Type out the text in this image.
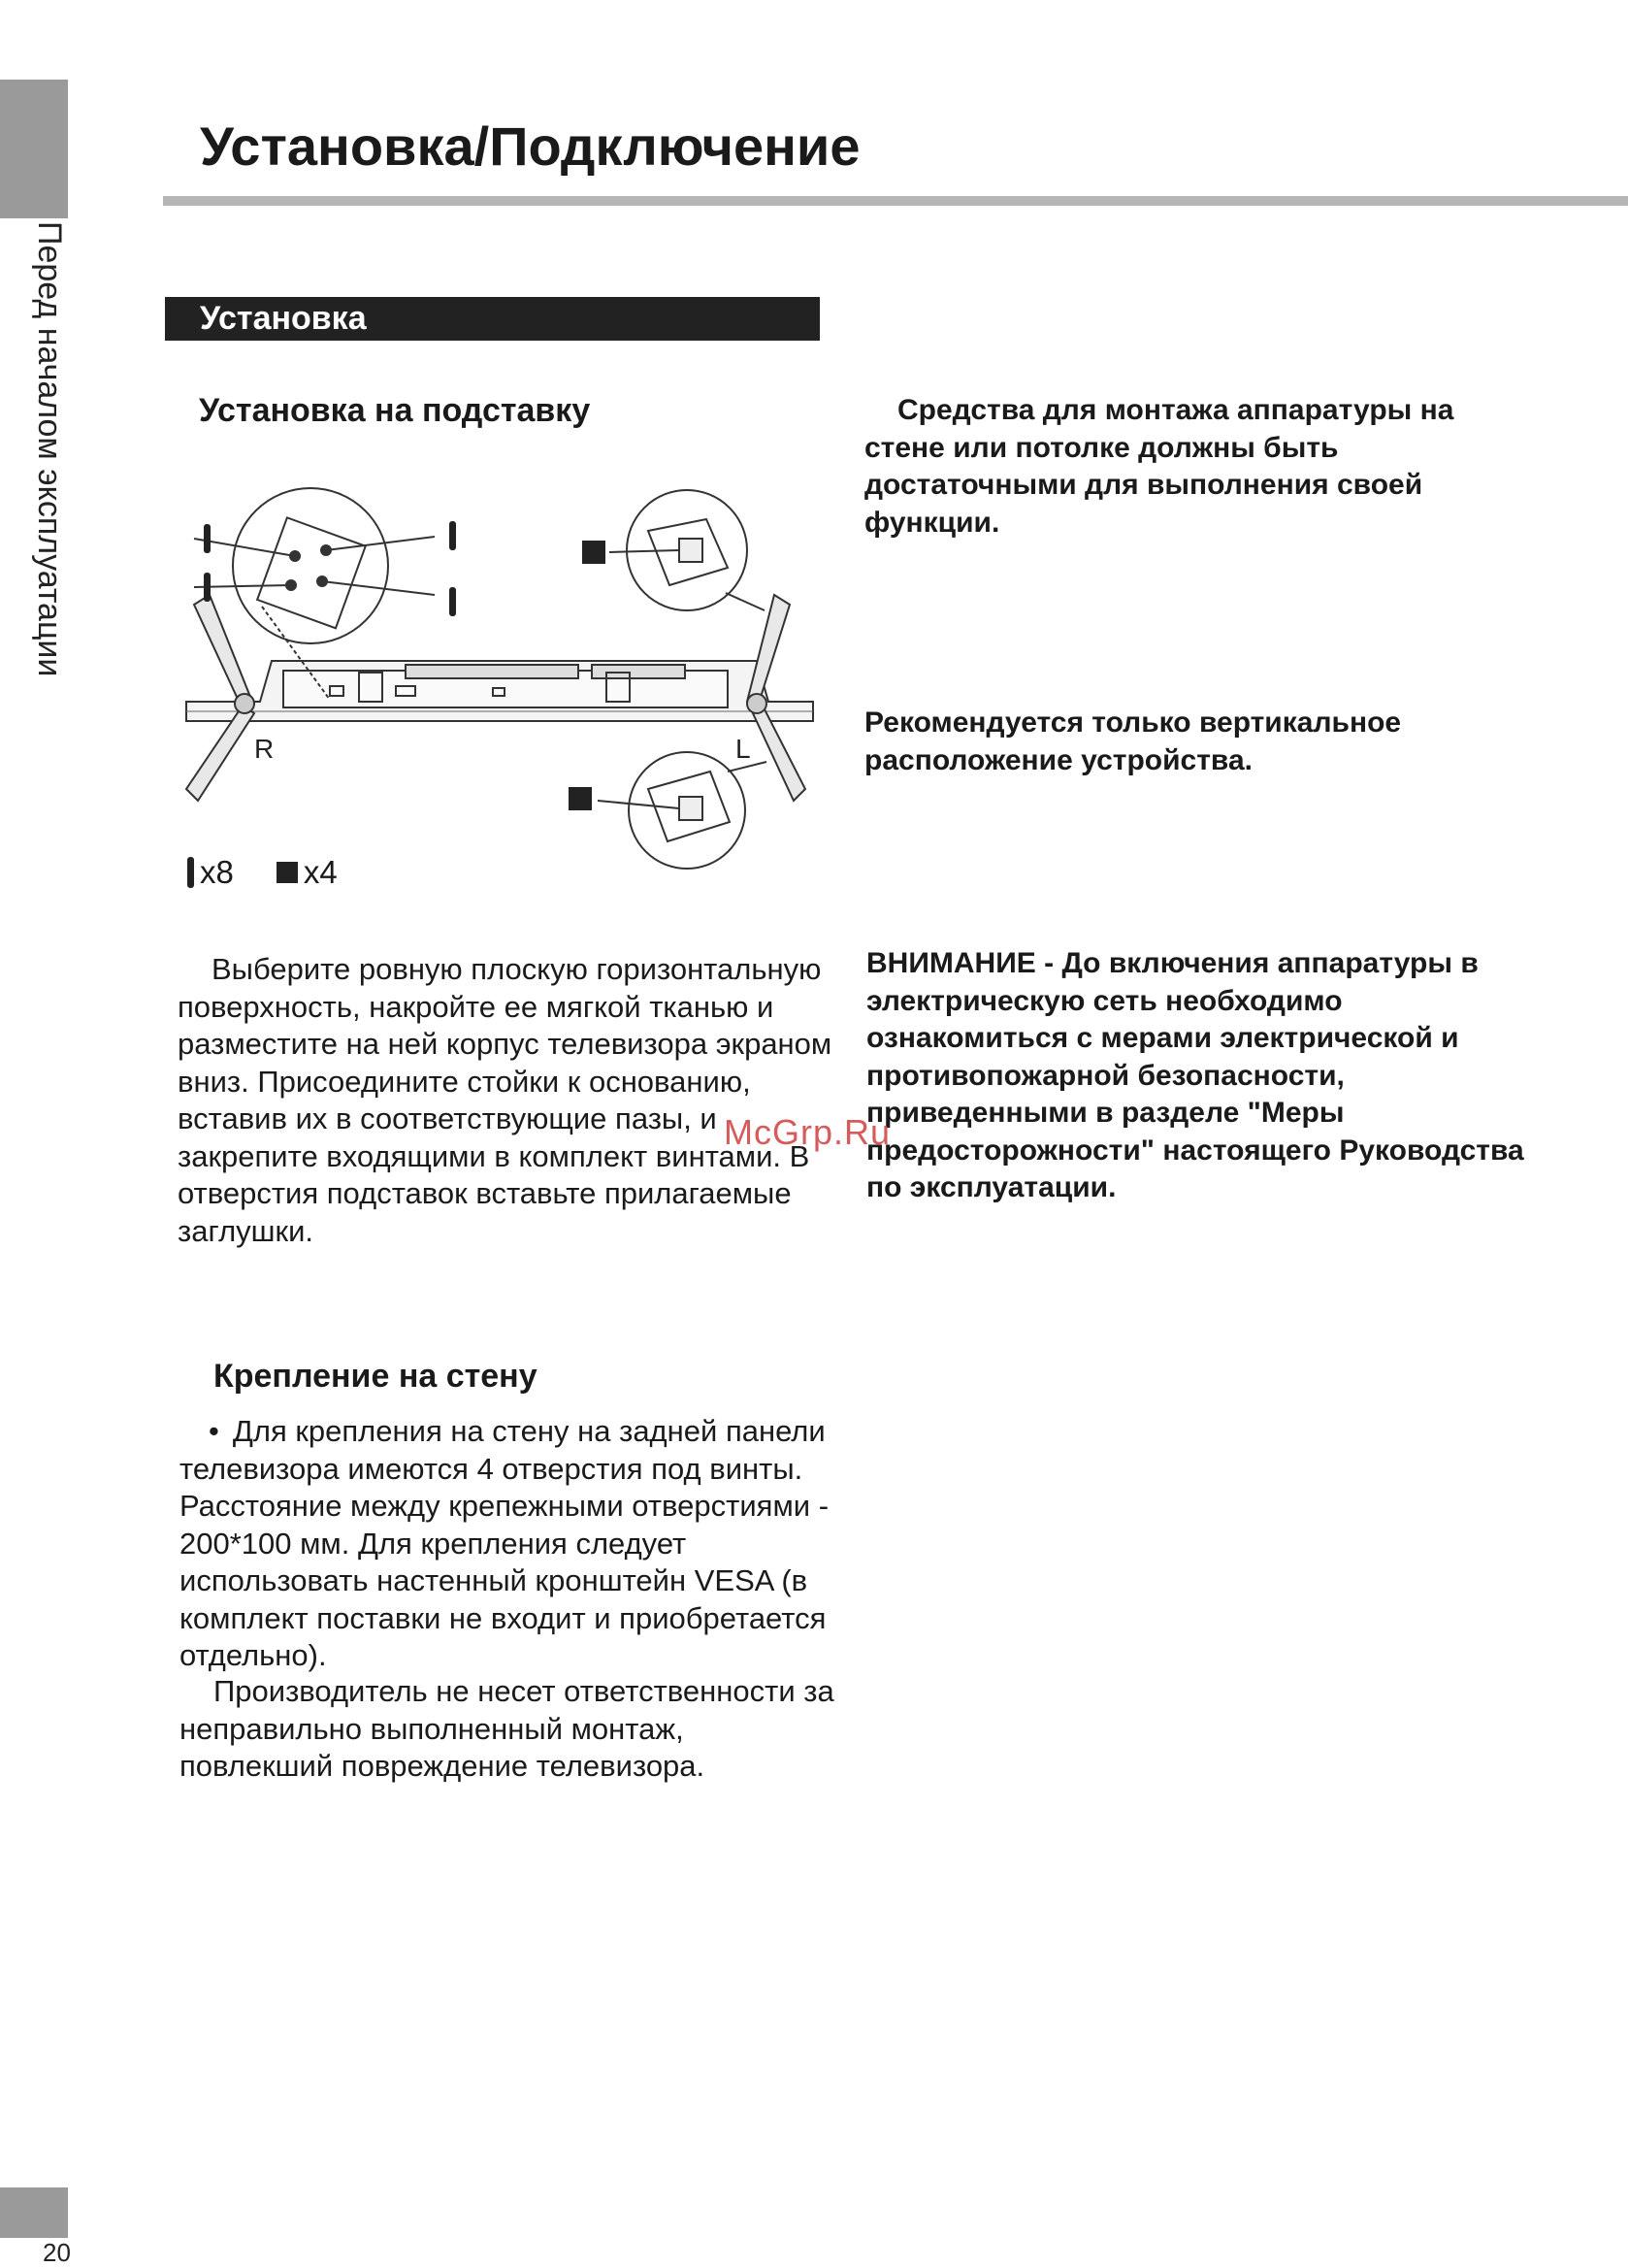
Перед началом эксплуатации
20
Установка/Подключение
Установка
Установка на подставку
R	L
x8 x4

Выберите ровную плоскую горизонтальную поверхность, накройте ее мягкой тканью и разместите на ней корпус телевизора экраном вниз. Присоедините стойки к основанию, вставив их в соответствующие пазы, и закрепите входящими в комплект винтами. В отверстия подставок вставьте прилагаемые заглушки.

Крепление на стену

• Для крепления на стену на задней панели телевизора имеются 4 отверстия под винты. Расстояние между крепежными отверстиями - 200*100 мм. Для крепления следует использовать настенный кронштейн VESA (в комплект поставки не входит и приобретается отдельно).

Производитель не несет ответственности за неправильно выполненный монтаж, повлекший повреждение телевизора.

Средства для монтажа аппаратуры на стене или потолке должны быть достаточными для выполнения своей функции.

Рекомендуется только вертикальное расположение устройства.

ВНИМАНИЕ - До включения аппаратуры в электрическую сеть необходимо ознакомиться с мерами электрической и противопожарной безопасности, приведенными в разделе "Меры предосторожности" настоящего Руководства по эксплуатации.

McGrp.Ru
